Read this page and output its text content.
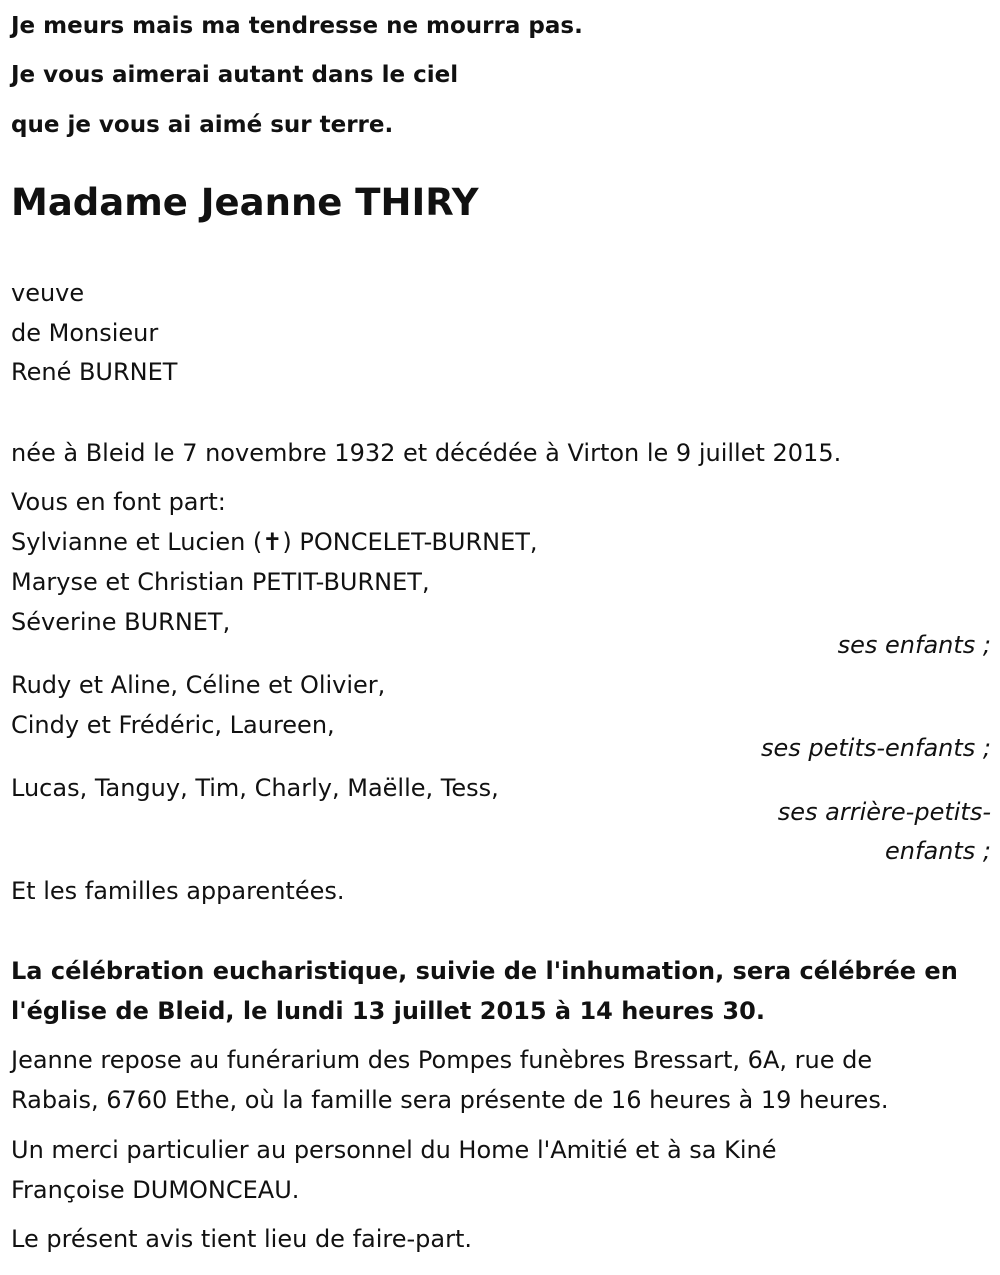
Je meurs mais ma tendresse ne mourra pas.
Je vous aimerai autant dans le ciel
que je vous ai aimé sur terre.
Madame Jeanne THIRY
veuve
de Monsieur
René BURNET
née à Bleid le 7 novembre 1932 et décédée à Virton le 9 juillet 2015.
Vous en font part:
Sylvianne et Lucien (✝) PONCELET-BURNET,
Maryse et Christian PETIT-BURNET,
Séverine BURNET,
ses enfants ;
Rudy et Aline, Céline et Olivier,
Cindy et Frédéric, Laureen,
ses petits-enfants ;
Lucas, Tanguy, Tim, Charly, Maëlle, Tess,
ses arrière-petits-
enfants ;
Et les familles apparentées.
La célébration eucharistique, suivie de l'inhumation, sera célébrée en
l'église de Bleid, le lundi 13 juillet 2015 à 14 heures 30.
Jeanne repose au funérarium des Pompes funèbres Bressart, 6A, rue de
Rabais, 6760 Ethe, où la famille sera présente de 16 heures à 19 heures.
Un merci particulier au personnel du Home l'Amitié et à sa Kiné
Françoise DUMONCEAU.
Le présent avis tient lieu de faire-part.
